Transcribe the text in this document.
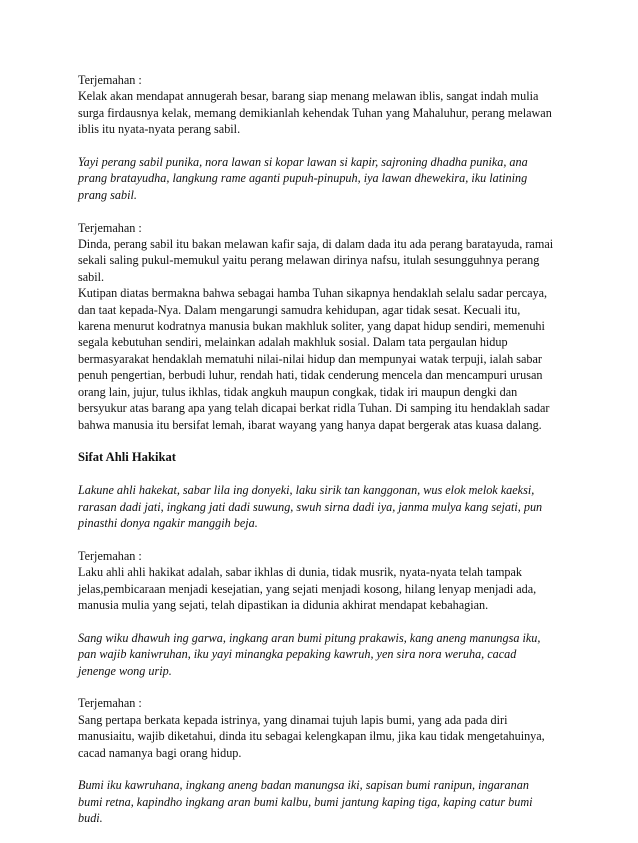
Terjemahan :
Kelak akan mendapat annugerah besar, barang siap menang melawan iblis, sangat indah mulia
surga firdausnya kelak, memang demikianlah kehendak Tuhan yang Mahaluhur, perang melawan
iblis itu nyata-nyata perang sabil.
Yayi perang sabil punika, nora lawan si kopar lawan si kapir, sajroning dhadha punika, ana
prang bratayudha, langkung rame aganti pupuh-pinupuh, iya lawan dhewekira, iku latining
prang sabil.
Terjemahan :
Dinda, perang sabil itu bakan melawan kafir saja, di dalam dada itu ada perang baratayuda, ramai
sekali saling pukul-memukul yaitu perang melawan dirinya nafsu, itulah sesungguhnya perang
sabil.
Kutipan diatas bermakna bahwa sebagai hamba Tuhan sikapnya hendaklah selalu sadar percaya,
dan taat kepada-Nya. Dalam mengarungi samudra kehidupan, agar tidak sesat. Kecuali itu,
karena menurut kodratnya manusia bukan makhluk soliter, yang dapat hidup sendiri, memenuhi
segala kebutuhan sendiri, melainkan adalah makhluk sosial. Dalam tata pergaulan hidup
bermasyarakat hendaklah mematuhi nilai-nilai hidup dan mempunyai watak terpuji, ialah sabar
penuh pengertian, berbudi luhur, rendah hati, tidak cenderung mencela dan mencampuri urusan
orang lain, jujur, tulus ikhlas, tidak angkuh maupun congkak, tidak iri maupun dengki dan
bersyukur atas barang apa yang telah dicapai berkat ridla Tuhan. Di samping itu hendaklah sadar
bahwa manusia itu bersifat lemah, ibarat wayang yang hanya dapat bergerak atas kuasa dalang.
Sifat Ahli Hakikat
Lakune ahli hakekat, sabar lila ing donyeki, laku sirik tan kanggonan, wus elok melok kaeksi,
rarasan dadi jati, ingkang jati dadi suwung, swuh sirna dadi iya, janma mulya kang sejati, pun
pinasthi donya ngakir manggih beja.
Terjemahan :
Laku ahli ahli hakikat adalah, sabar ikhlas di dunia, tidak musrik, nyata-nyata telah tampak
jelas,pembicaraan menjadi kesejatian, yang sejati menjadi kosong, hilang lenyap menjadi ada,
manusia mulia yang sejati, telah dipastikan ia didunia akhirat mendapat kebahagian.
Sang wiku dhawuh ing garwa, ingkang aran bumi pitung prakawis, kang aneng manungsa iku,
pan wajib kaniwruhan, iku yayi minangka pepaking kawruh, yen sira nora weruha, cacad
jenenge wong urip.
Terjemahan :
Sang pertapa berkata kepada istrinya, yang dinamai tujuh lapis bumi, yang ada pada diri
manusiaitu, wajib diketahui, dinda itu sebagai kelengkapan ilmu, jika kau tidak mengetahuinya,
cacad namanya bagi orang hidup.
Bumi iku kawruhana, ingkang aneng badan manungsa iki, sapisan bumi ranipun, ingaranan
bumi retna, kapindho ingkang aran bumi kalbu, bumi jantung kaping tiga, kaping catur bumi
budi.
